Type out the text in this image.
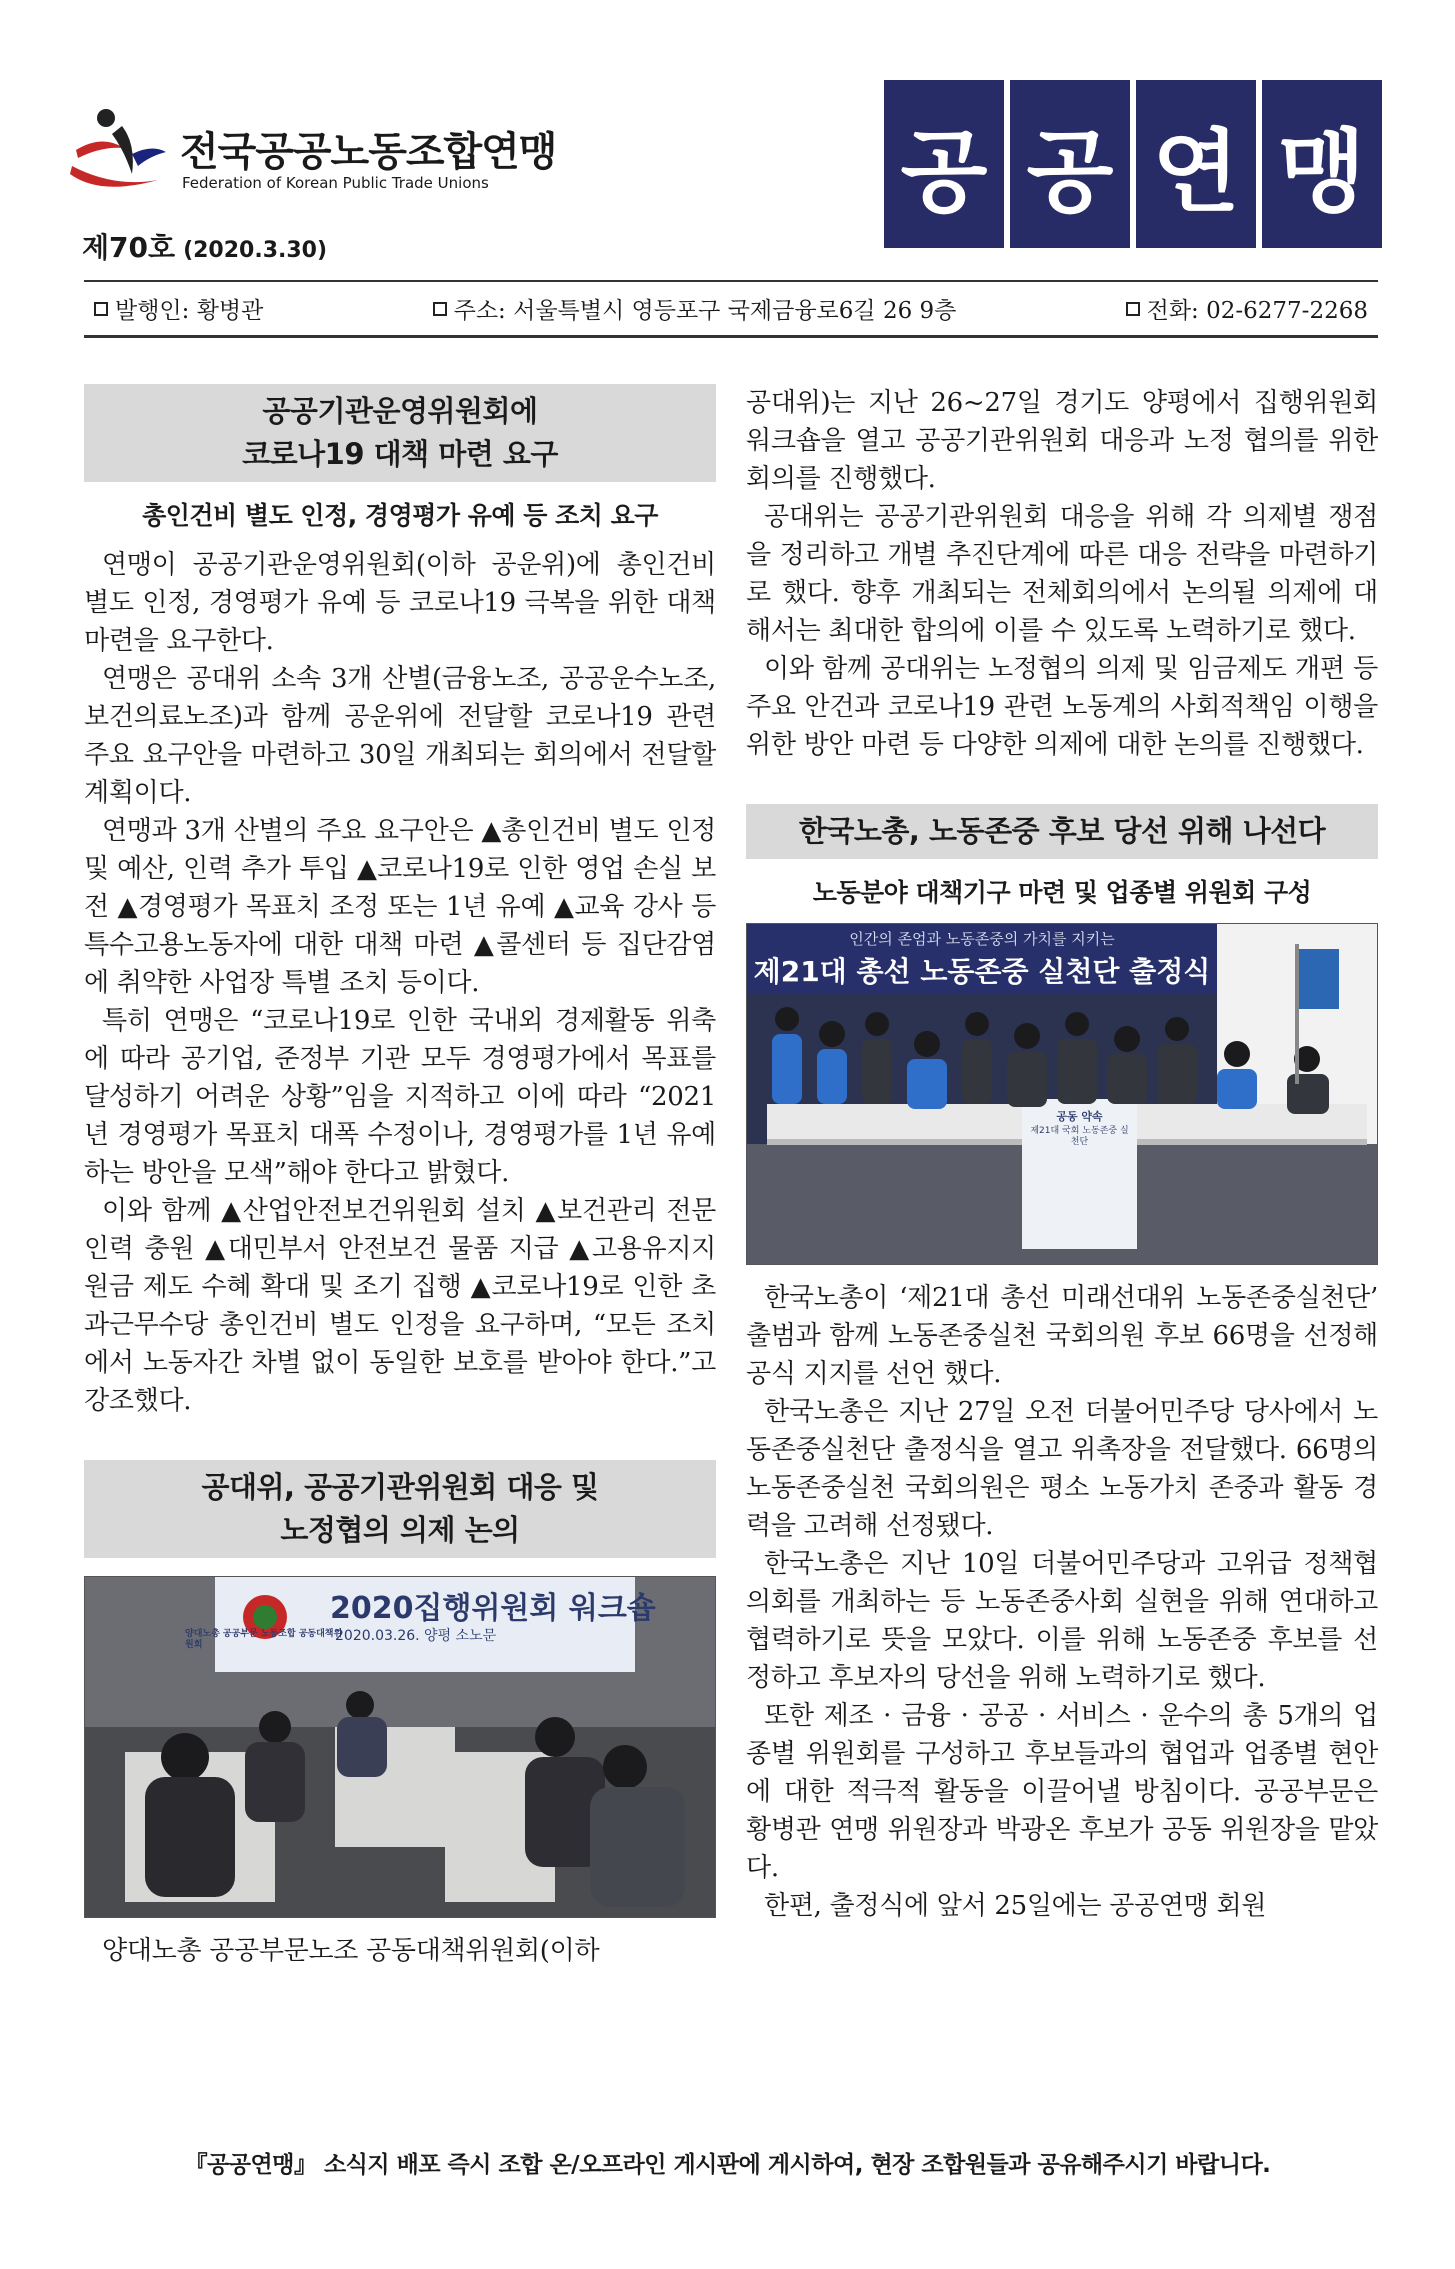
전국공공노동조합연맹
Federation of Korean Public Trade Unions	공 공 연 맹
제70호 (2020.3.30)
발행인: 황병관	주소: 서울특별시 영등포구 국제금융로6길 26 9층	전화: 02-6277-2268
공공기관운영위원회에
코로나19 대책 마련 요구
총인건비 별도 인정, 경영평가 유예 등 조치 요구

연맹이 공공기관운영위원회(이하 공운위)에 총인건비 별도 인정, 경영평가 유예 등 코로나19 극복을 위한 대책 마련을 요구한다.

연맹은 공대위 소속 3개 산별(금융노조, 공공운수노조, 보건의료노조)과 함께 공운위에 전달할 코로나19 관련 주요 요구안을 마련하고 30일 개최되는 회의에서 전달할 계획이다.

연맹과 3개 산별의 주요 요구안은 ▲총인건비 별도 인정 및 예산, 인력 추가 투입 ▲코로나19로 인한 영업 손실 보전 ▲경영평가 목표치 조정 또는 1년 유예 ▲교육 강사 등 특수고용노동자에 대한 대책 마련 ▲콜센터 등 집단감염에 취약한 사업장 특별 조치 등이다.

특히 연맹은 “코로나19로 인한 국내외 경제활동 위축에 따라 공기업, 준정부 기관 모두 경영평가에서 목표를 달성하기 어려운 상황”임을 지적하고 이에 따라 “2021년 경영평가 목표치 대폭 수정이나, 경영평가를 1년 유예하는 방안을 모색”해야 한다고 밝혔다.

이와 함께 ▲산업안전보건위원회 설치 ▲보건관리 전문인력 충원 ▲대민부서 안전보건 물품 지급 ▲고용유지지원금 제도 수혜 확대 및 조기 집행 ▲코로나19로 인한 초과근무수당 총인건비 별도 인정을 요구하며, “모든 조치에서 노동자간 차별 없이 동일한 보호를 받아야 한다.”고 강조했다.

공대위, 공공기관위원회 대응 및
노정협의 의제 논의
2020집행위원회 워크숍
양대노총 공공부문 노동조합 공동대책위원회
2020.03.26. 양평 소노문

양대노총 공공부문노조 공동대책위원회(이하

공대위)는 지난 26~27일 경기도 양평에서 집행위원회 워크숍을 열고 공공기관위원회 대응과 노정 협의를 위한 회의를 진행했다.

공대위는 공공기관위원회 대응을 위해 각 의제별 쟁점을 정리하고 개별 추진단계에 따른 대응 전략을 마련하기로 했다. 향후 개최되는 전체회의에서 논의될 의제에 대해서는 최대한 합의에 이를 수 있도록 노력하기로 했다.

이와 함께 공대위는 노정협의 의제 및 임금제도 개편 등 주요 안건과 코로나19 관련 노동계의 사회적책임 이행을 위한 방안 마련 등 다양한 의제에 대한 논의를 진행했다.

한국노총, 노동존중 후보 당선 위해 나선다
노동분야 대책기구 마련 및 업종별 위원회 구성
인간의 존엄과 노동존중의 가치를 지키는
제21대 총선 노동존중 실천단 출정식
공동 약속
제21대 국회 노동존중 실천단

한국노총이 ‘제21대 총선 미래선대위 노동존중실천단’ 출범과 함께 노동존중실천 국회의원 후보 66명을 선정해 공식 지지를 선언 했다.

한국노총은 지난 27일 오전 더불어민주당 당사에서 노동존중실천단 출정식을 열고 위촉장을 전달했다. 66명의 노동존중실천 국회의원은 평소 노동가치 존중과 활동 경력을 고려해 선정됐다.

한국노총은 지난 10일 더불어민주당과 고위급 정책협의회를 개최하는 등 노동존중사회 실현을 위해 연대하고 협력하기로 뜻을 모았다. 이를 위해 노동존중 후보를 선정하고 후보자의 당선을 위해 노력하기로 했다.

또한 제조 · 금융 · 공공 · 서비스 · 운수의 총 5개의 업종별 위원회를 구성하고 후보들과의 협업과 업종별 현안에 대한 적극적 활동을 이끌어낼 방침이다. 공공부문은 황병관 연맹 위원장과 박광온 후보가 공동 위원장을 맡았다.

한편, 출정식에 앞서 25일에는 공공연맹 회원

『공공연맹』 소식지 배포 즉시 조합 온/오프라인 게시판에 게시하여, 현장 조합원들과 공유해주시기 바랍니다.
